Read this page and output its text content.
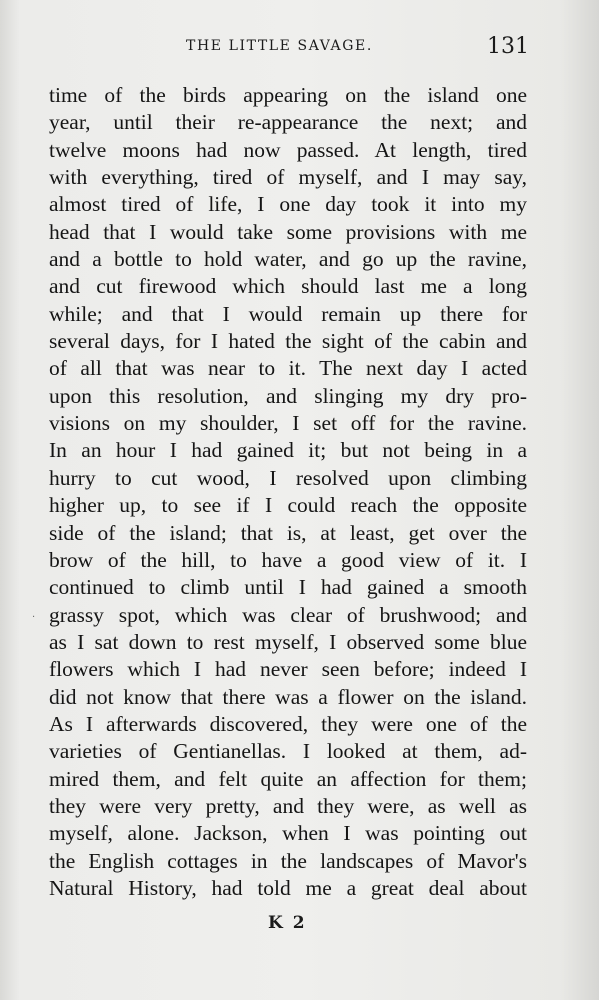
THE LITTLE SAVAGE.	131
·
time of the birds appearing on the island one
year, until their re-appearance the next; and
twelve moons had now passed. At length, tired
with everything, tired of myself, and I may say,
almost tired of life, I one day took it into my
head that I would take some provisions with me
and a bottle to hold water, and go up the ravine,
and cut firewood which should last me a long
while; and that I would remain up there for
several days, for I hated the sight of the cabin and
of all that was near to it. The next day I acted
upon this resolution, and slinging my dry pro-
visions on my shoulder, I set off for the ravine.
In an hour I had gained it; but not being in a
hurry to cut wood, I resolved upon climbing
higher up, to see if I could reach the opposite
side of the island; that is, at least, get over the
brow of the hill, to have a good view of it. I
continued to climb until I had gained a smooth
grassy spot, which was clear of brushwood; and
as I sat down to rest myself, I observed some blue
flowers which I had never seen before; indeed I
did not know that there was a flower on the island.
As I afterwards discovered, they were one of the
varieties of Gentianellas. I looked at them, ad-
mired them, and felt quite an affection for them;
they were very pretty, and they were, as well as
myself, alone. Jackson, when I was pointing out
the English cottages in the landscapes of Mavor's
Natural History, had told me a great deal about
K 2
